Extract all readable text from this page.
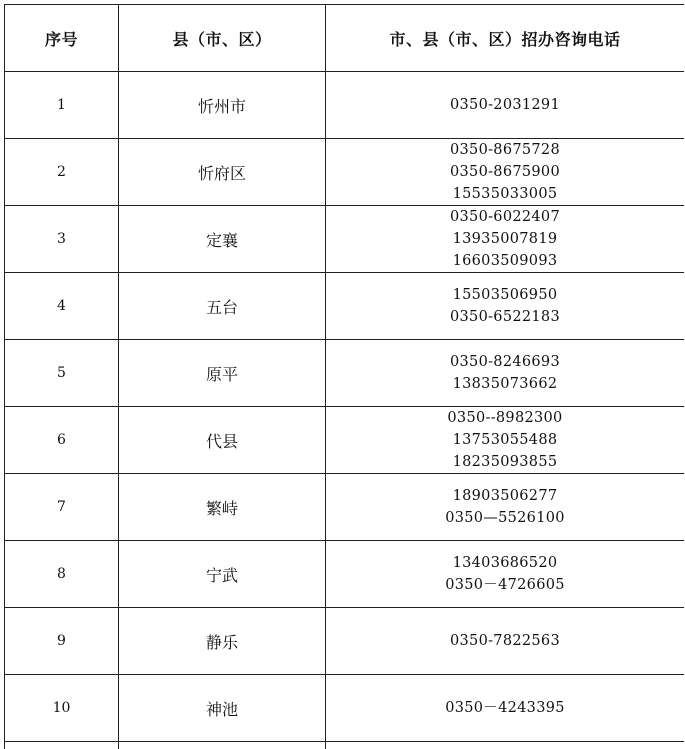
序号	县（市、区）	市、县（市、区）招办咨询电话
1	忻州市	0350-2031291

2	忻府区	0350-8675728
0350-8675900
15535033005

3	定襄	0350-6022407
13935007819
16603509093

4	五台	15503506950
0350-6522183

5	原平	0350-8246693
13835073662

6	代县	0350--8982300
13753055488
18235093855

7	繁峙	18903506277
0350—5526100

8	宁武	13403686520
0350－4726605

9	静乐	0350-7822563

10	神池	0350－4243395
